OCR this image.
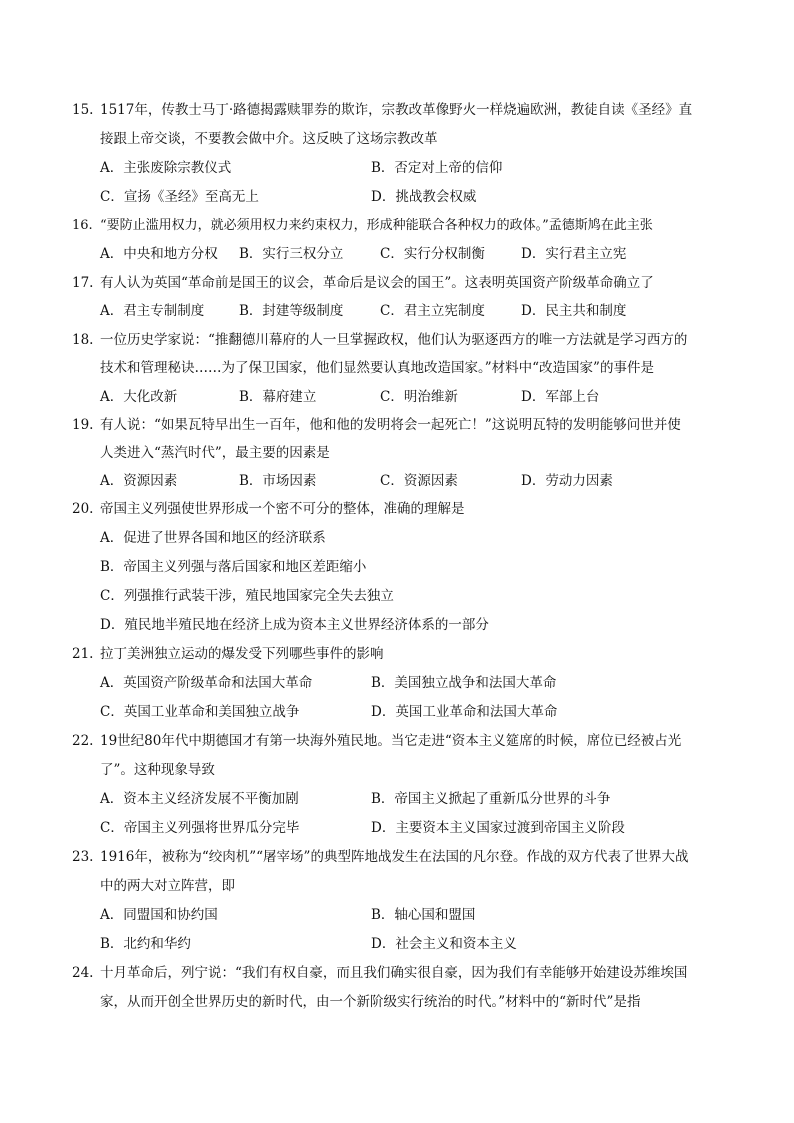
15. 1517年，传教士马丁·路德揭露赎罪券的欺诈，宗教改革像野火一样烧遍欧洲，教徒自读《圣经》直
接跟上帝交谈，不要教会做中介。这反映了这场宗教改革
A．主张废除宗教仪式	B．否定对上帝的信仰
C．宣扬《圣经》至高无上	D．挑战教会权威
16. “要防止滥用权力，就必须用权力来约束权力，形成种能联合各种权力的政体。”孟德斯鸠在此主张
A．中央和地方分权 B．实行三权分立	C．实行分权制衡	D．实行君主立宪
17. 有人认为英国“革命前是国王的议会，革命后是议会的国王”。这表明英国资产阶级革命确立了
A．君主专制制度	B．封建等级制度	C．君主立宪制度	D．民主共和制度
18. 一位历史学家说：“推翻德川幕府的人一旦掌握政权，他们认为驱逐西方的唯一方法就是学习西方的
技术和管理秘诀……为了保卫国家，他们显然要认真地改造国家。”材料中“改造国家”的事件是
A．大化改新	B．幕府建立	C．明治维新	D．军部上台
19. 有人说：“如果瓦特早出生一百年，他和他的发明将会一起死亡！”这说明瓦特的发明能够问世并使
人类进入“蒸汽时代”，最主要的因素是
A．资源因素	B．市场因素	C．资源因素	D．劳动力因素
20. 帝国主义列强使世界形成一个密不可分的整体，准确的理解是
A．促进了世界各国和地区的经济联系
B．帝国主义列强与落后国家和地区差距缩小
C．列强推行武装干涉，殖民地国家完全失去独立
D．殖民地半殖民地在经济上成为资本主义世界经济体系的一部分
21. 拉丁美洲独立运动的爆发受下列哪些事件的影响
A．英国资产阶级革命和法国大革命	B．美国独立战争和法国大革命
C．英国工业革命和美国独立战争	D．英国工业革命和法国大革命
22. 19世纪80年代中期德国才有第一块海外殖民地。当它走进“资本主义筵席的时候，席位已经被占光
了”。这种现象导致
A．资本主义经济发展不平衡加剧	B．帝国主义掀起了重新瓜分世界的斗争
C．帝国主义列强将世界瓜分完毕	D．主要资本主义国家过渡到帝国主义阶段
23. 1916年，被称为“绞肉机”“屠宰场”的典型阵地战发生在法国的凡尔登。作战的双方代表了世界大战
中的两大对立阵营，即
A．同盟国和协约国	B．轴心国和盟国
B．北约和华约	D．社会主义和资本主义
24. 十月革命后，列宁说：“我们有权自豪，而且我们确实很自豪，因为我们有幸能够开始建设苏维埃国
家，从而开创全世界历史的新时代，由一个新阶级实行统治的时代。”材料中的“新时代”是指
